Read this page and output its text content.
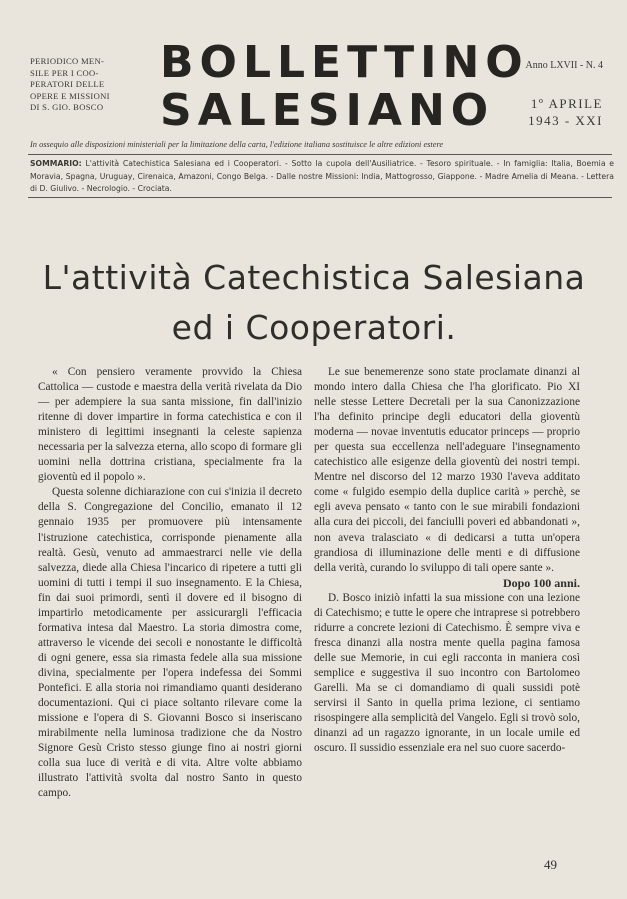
PERIODICO MEN-
SILE PER I COO-
PERATORI DELLE
OPERE E MISSIONI
DI S. GIO. BOSCO
BOLLETTINO
SALESIANO
Anno LXVII - N. 4
1º APRILE
1943 - XXI
In ossequio alle disposizioni ministeriali per la limitazione della carta, l'edizione italiana sostituisce le altre edizioni estere
SOMMARIO: L'attività Catechistica Salesiana ed i Cooperatori. - Sotto la cupola dell'Ausiliatrice. - Tesoro spirituale. - In famiglia: Italia, Boemia e Moravia, Spagna, Uruguay, Cirenaica, Amazoni, Congo Belga. - Dalle nostre Missioni: India, Mattogrosso, Giappone. - Madre Amelia di Meana. - Lettera di D. Giulivo. - Necrologio. - Crociata.
L'attività Catechistica Salesiana
ed i Cooperatori.

« Con pensiero veramente provvido la Chiesa Cattolica — custode e maestra della verità rivelata da Dio — per adempiere la sua santa missione, fin dall'inizio ritenne di dover impartire in forma catechistica e con il ministero di legittimi insegnanti la celeste sapienza necessaria per la salvezza eterna, allo scopo di formare gli uomini nella dottrina cristiana, specialmente fra la gioventù ed il popolo ».

Questa solenne dichiarazione con cui s'inizia il decreto della S. Congregazione del Concilio, emanato il 12 gennaio 1935 per promuovere più intensamente l'istruzione catechistica, corrisponde pienamente alla realtà. Gesù, venuto ad ammaestrarci nelle vie della salvezza, diede alla Chiesa l'incarico di ripetere a tutti gli uomini di tutti i tempi il suo insegnamento. E la Chiesa, fin dai suoi primordi, sentì il dovere ed il bisogno di impartirlo metodicamente per assicurargli l'efficacia formativa intesa dal Maestro. La storia dimostra come, attraverso le vicende dei secoli e nonostante le difficoltà di ogni genere, essa sia rimasta fedele alla sua missione divina, specialmente per l'opera indefessa dei Sommi Pontefici. E alla storia noi rimandiamo quanti desiderano documentazioni. Qui ci piace soltanto rilevare come la missione e l'opera di S. Giovanni Bosco si inseriscano mirabilmente nella luminosa tradizione che da Nostro Signore Gesù Cristo stesso giunge fino ai nostri giorni colla sua luce di verità e di vita. Altre volte abbiamo illustrato l'attività svolta dal nostro Santo in questo campo.

Le sue benemerenze sono state proclamate dinanzi al mondo intero dalla Chiesa che l'ha glorificato. Pio XI nelle stesse Lettere Decretali per la sua Canonizzazione l'ha definito principe degli educatori della gioventù moderna — novae inventutis educator princeps — proprio per questa sua eccellenza nell'adeguare l'insegnamento catechistico alle esigenze della gioventù dei nostri tempi. Mentre nel discorso del 12 marzo 1930 l'aveva additato come « fulgido esempio della duplice carità » perchè, se egli aveva pensato « tanto con le sue mirabili fondazioni alla cura dei piccoli, dei fanciulli poveri ed abbandonati », non aveva tralasciato « di dedicarsi a tutta un'opera grandiosa di illuminazione delle menti e di diffusione della verità, curando lo sviluppo di tali opere sante ».

Dopo 100 anni.

D. Bosco iniziò infatti la sua missione con una lezione di Catechismo; e tutte le opere che intraprese si potrebbero ridurre a concrete lezioni di Catechismo. È sempre viva e fresca dinanzi alla nostra mente quella pagina famosa delle sue Memorie, in cui egli racconta in maniera così semplice e suggestiva il suo incontro con Bartolomeo Garelli. Ma se ci domandiamo di quali sussidi potè servirsi il Santo in quella prima lezione, ci sentiamo risospingere alla semplicità del Vangelo. Egli si trovò solo, dinanzi ad un ragazzo ignorante, in un locale umile ed oscuro. Il sussidio essenziale era nel suo cuore sacerdo-

49
